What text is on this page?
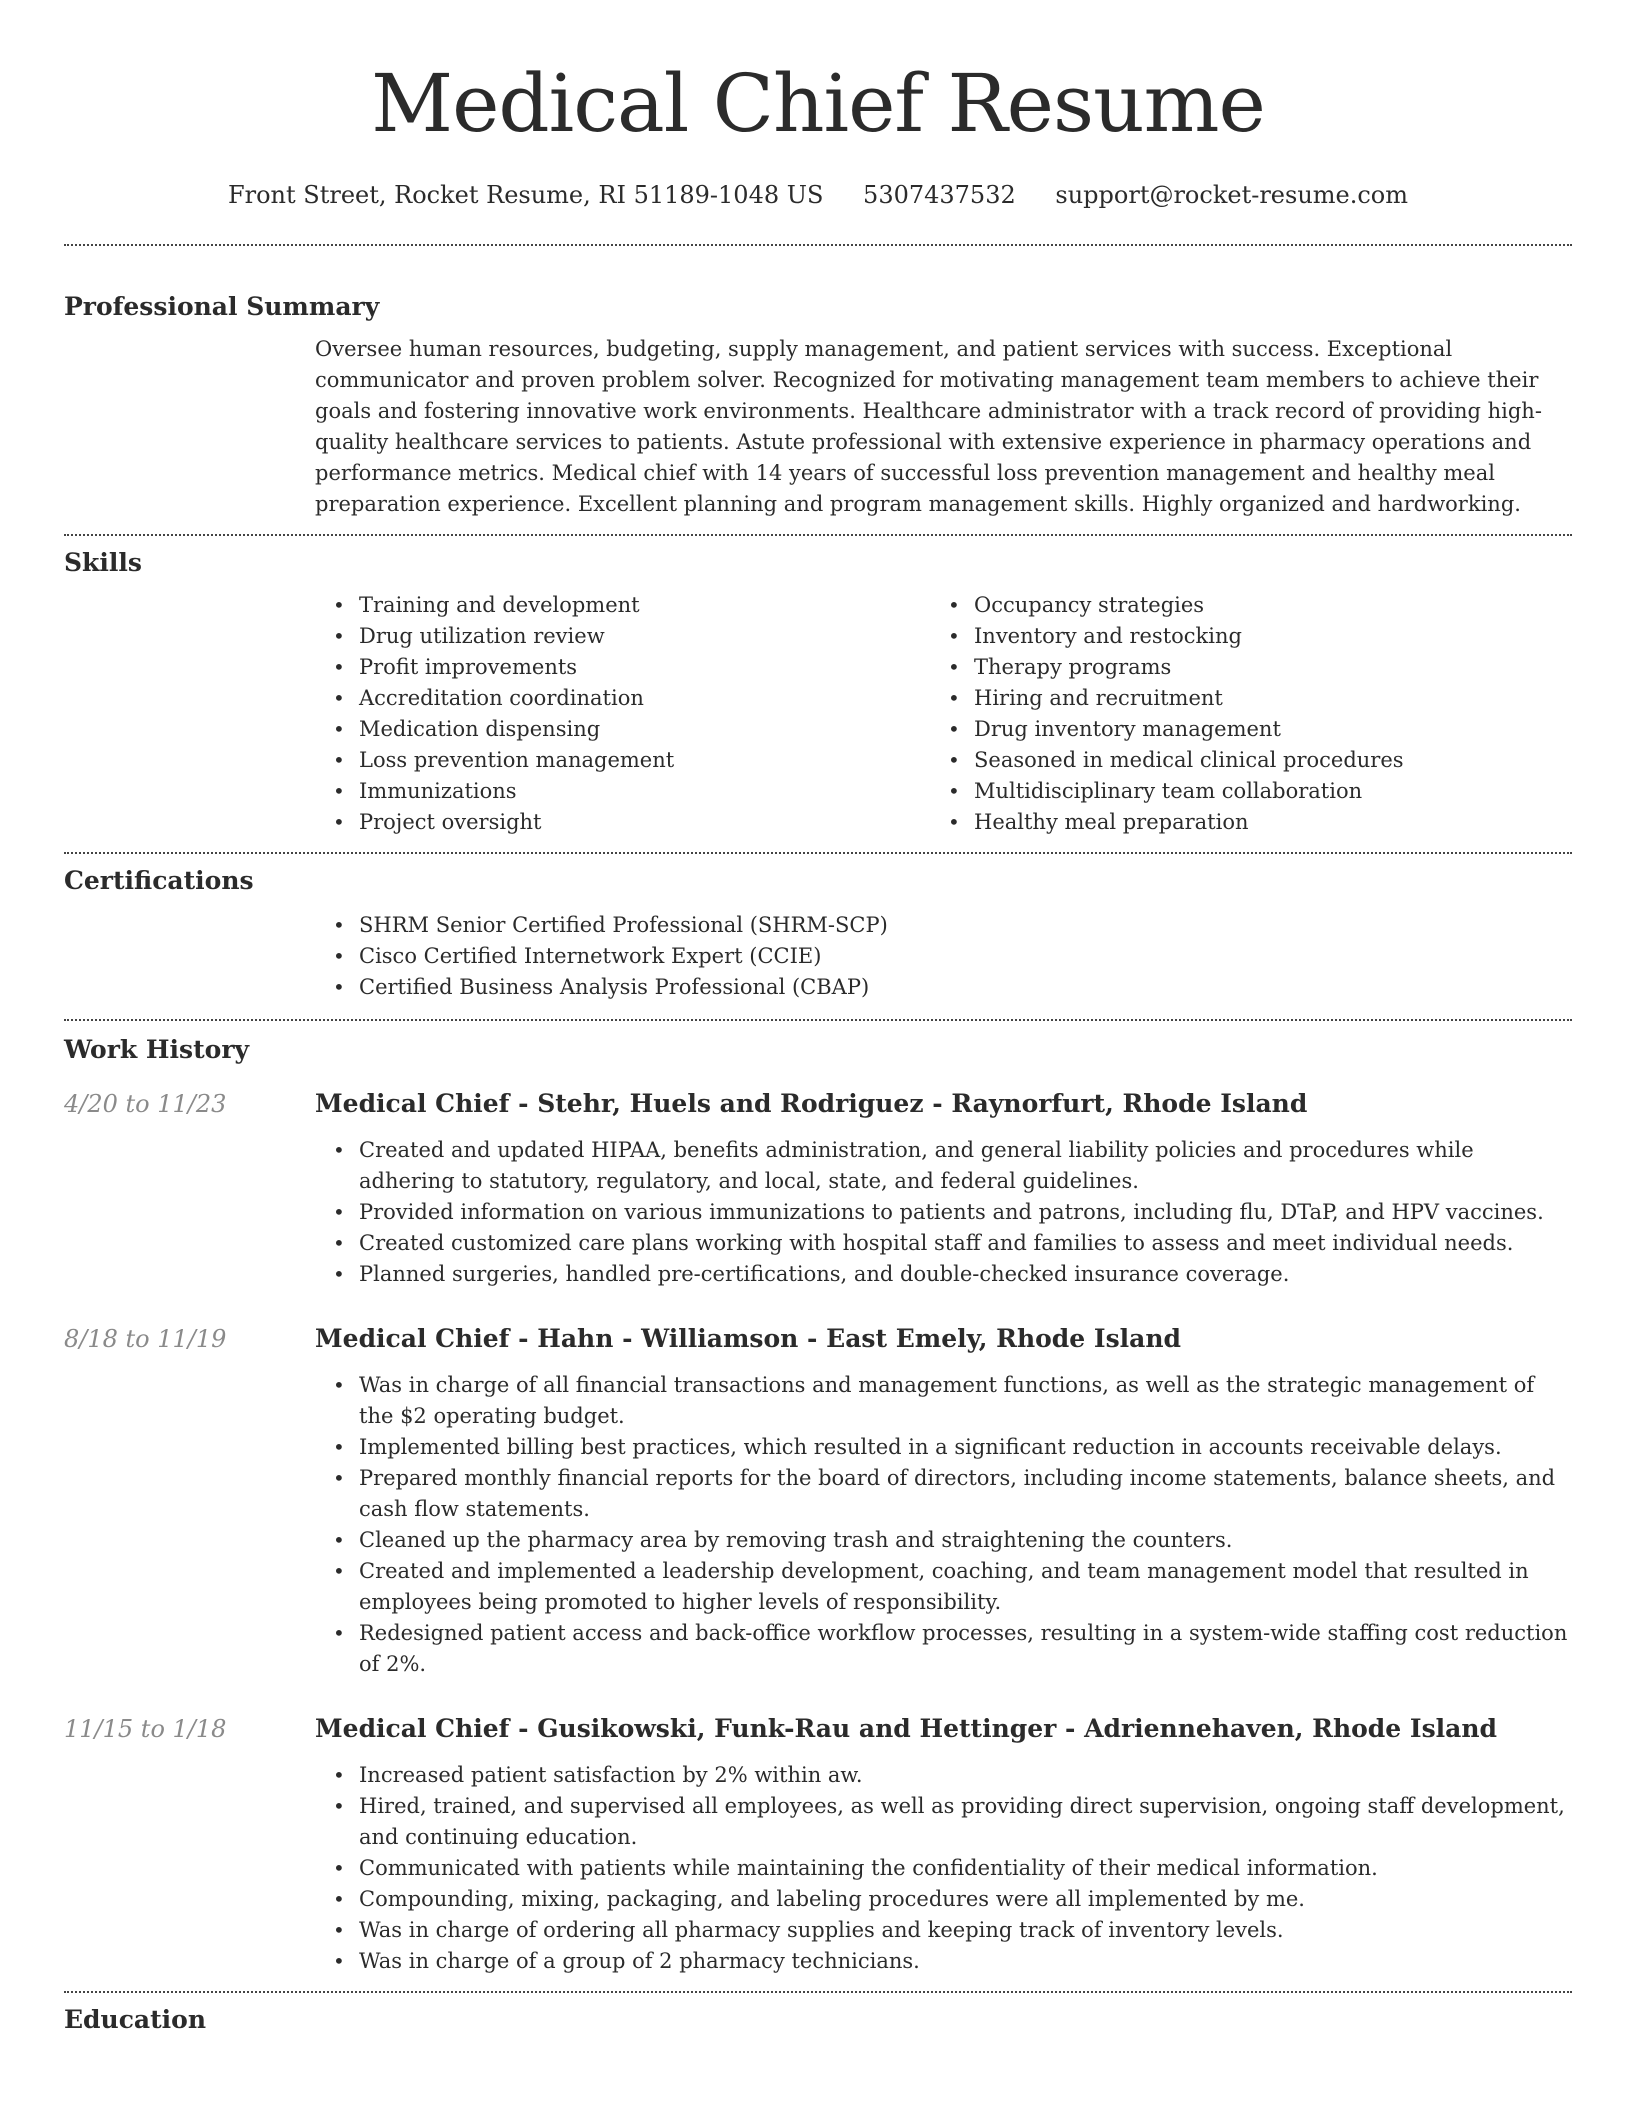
Medical Chief Resume
Front Street, Rocket Resume, RI 51189-1048 US 5307437532 support@rocket-resume.com
Professional Summary

Oversee human resources, budgeting, supply management, and patient services with success. Exceptional communicator and proven problem solver. Recognized for motivating management team members to achieve their goals and fostering innovative work environments. Healthcare administrator with a track record of providing high-quality healthcare services to patients. Astute professional with extensive experience in pharmacy operations and performance metrics. Medical chief with 14 years of successful loss prevention management and healthy meal preparation experience. Excellent planning and program management skills. Highly organized and hardworking.

Skills
• Training and development
• Drug utilization review
• Profit improvements
• Accreditation coordination
• Medication dispensing
• Loss prevention management
• Immunizations
• Project oversight
• Occupancy strategies
• Inventory and restocking
• Therapy programs
• Hiring and recruitment
• Drug inventory management
• Seasoned in medical clinical procedures
• Multidisciplinary team collaboration
• Healthy meal preparation
Certifications
• SHRM Senior Certified Professional (SHRM-SCP)
• Cisco Certified Internetwork Expert (CCIE)
• Certified Business Analysis Professional (CBAP)
Work History
4/20 to 11/23	Medical Chief - Stehr, Huels and Rodriguez - Raynorfurt, Rhode Island
• Created and updated HIPAA, benefits administration, and general liability policies and procedures while adhering to statutory, regulatory, and local, state, and federal guidelines.
• Provided information on various immunizations to patients and patrons, including flu, DTaP, and HPV vaccines.
• Created customized care plans working with hospital staff and families to assess and meet individual needs.
• Planned surgeries, handled pre-certifications, and double-checked insurance coverage.
8/18 to 11/19	Medical Chief - Hahn - Williamson - East Emely, Rhode Island
• Was in charge of all financial transactions and management functions, as well as the strategic management of the $2 operating budget.
• Implemented billing best practices, which resulted in a significant reduction in accounts receivable delays.
• Prepared monthly financial reports for the board of directors, including income statements, balance sheets, and cash flow statements.
• Cleaned up the pharmacy area by removing trash and straightening the counters.
• Created and implemented a leadership development, coaching, and team management model that resulted in employees being promoted to higher levels of responsibility.
• Redesigned patient access and back-office workflow processes, resulting in a system-wide staffing cost reduction of 2%.
11/15 to 1/18	Medical Chief - Gusikowski, Funk-Rau and Hettinger - Adriennehaven, Rhode Island
• Increased patient satisfaction by 2% within aw.
• Hired, trained, and supervised all employees, as well as providing direct supervision, ongoing staff development, and continuing education.
• Communicated with patients while maintaining the confidentiality of their medical information.
• Compounding, mixing, packaging, and labeling procedures were all implemented by me.
• Was in charge of ordering all pharmacy supplies and keeping track of inventory levels.
• Was in charge of a group of 2 pharmacy technicians.
Education
